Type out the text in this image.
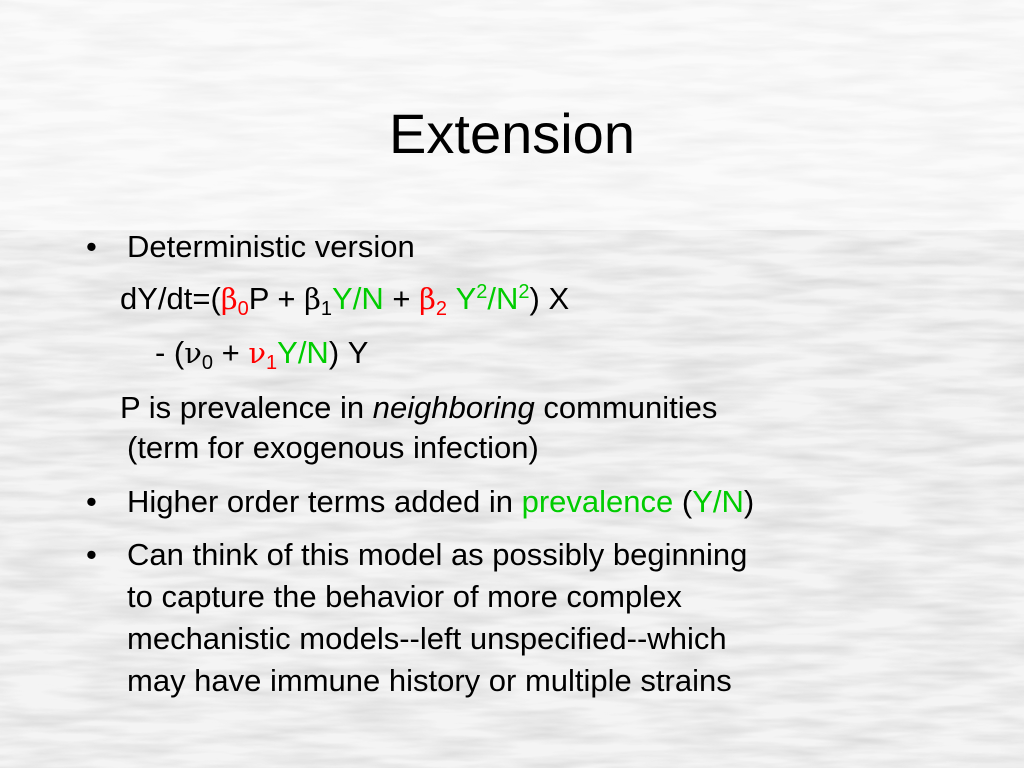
Extension
• Deterministic version
$dY/dt=(\beta_0P + \beta_1Y/N + \beta_2$ $Y^2/N^2$) X
- $(\nu_0 + \nu_1Y/N)$ Y
P is prevalence in neighboring communities
(term for exogenous infection)
• Higher order terms added in prevalence (Y/N)
• Can think of this model as possibly beginning
to capture the behavior of more complex
mechanistic models--left unspecified--which
may have immune history or multiple strains
